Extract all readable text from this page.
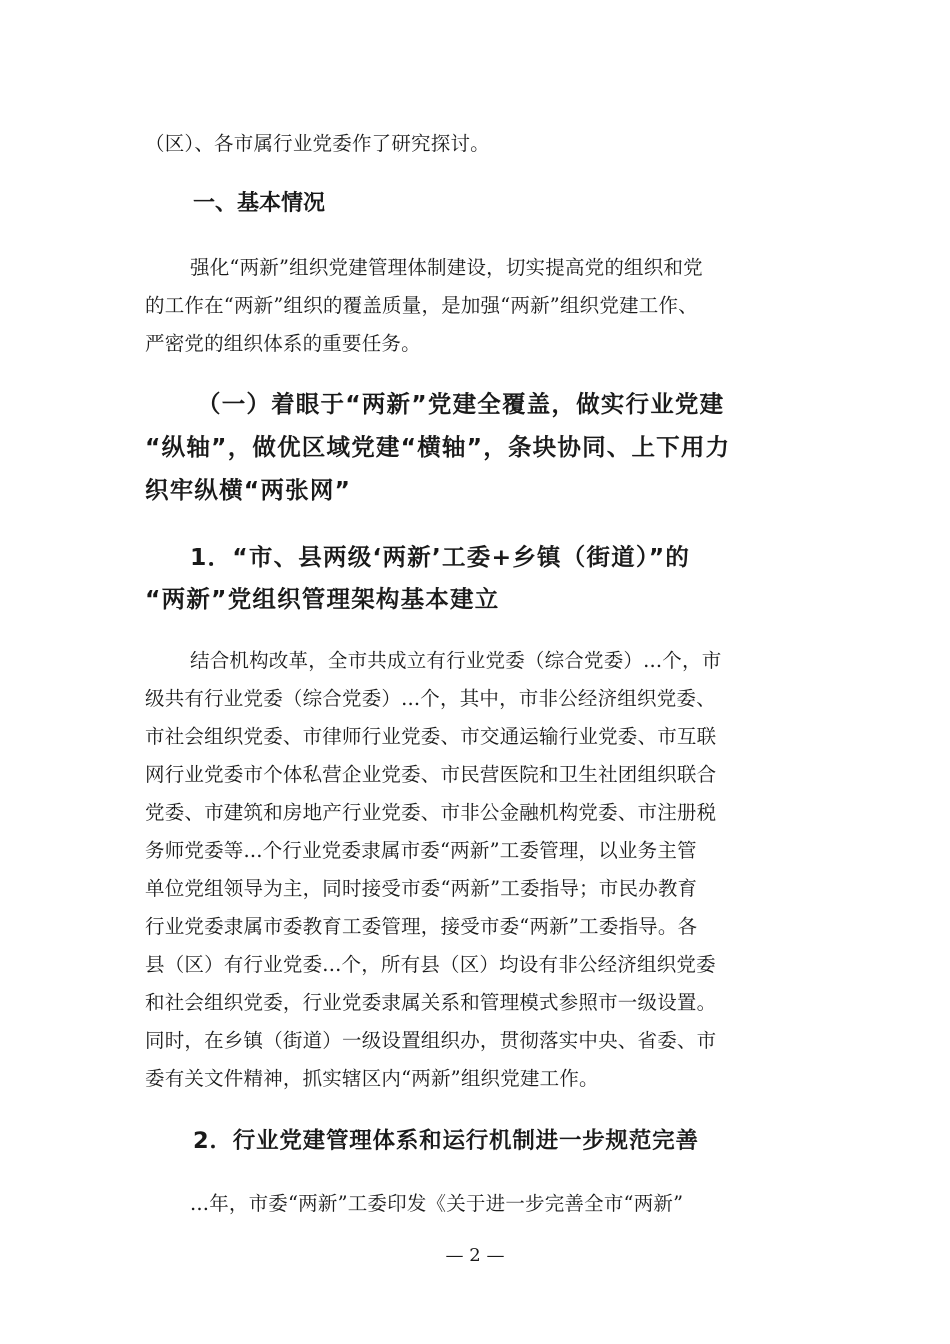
（区）、各市属行业党委作了研究探讨。
一、基本情况
强化“两新”组织党建管理体制建设，切实提高党的组织和党
的工作在“两新”组织的覆盖质量，是加强“两新”组织党建工作、
严密党的组织体系的重要任务。
（一）着眼于“两新”党建全覆盖，做实行业党建
“纵轴”，做优区域党建“横轴”，条块协同、上下用力
织牢纵横“两张网”
1．“市、县两级‘两新’工委+乡镇（街道）”的
“两新”党组织管理架构基本建立
结合机构改革，全市共成立有行业党委（综合党委）...个，市
级共有行业党委（综合党委）...个，其中，市非公经济组织党委、
市社会组织党委、市律师行业党委、市交通运输行业党委、市互联
网行业党委市个体私营企业党委、市民营医院和卫生社团组织联合
党委、市建筑和房地产行业党委、市非公金融机构党委、市注册税
务师党委等...个行业党委隶属市委“两新”工委管理，以业务主管
单位党组领导为主，同时接受市委“两新”工委指导；市民办教育
行业党委隶属市委教育工委管理，接受市委“两新”工委指导。各
县（区）有行业党委...个，所有县（区）均设有非公经济组织党委
和社会组织党委，行业党委隶属关系和管理模式参照市一级设置。
同时，在乡镇（街道）一级设置组织办，贯彻落实中央、省委、市
委有关文件精神，抓实辖区内“两新”组织党建工作。
2．行业党建管理体系和运行机制进一步规范完善
...年，市委“两新”工委印发《关于进一步完善全市“两新”
— 2 —
